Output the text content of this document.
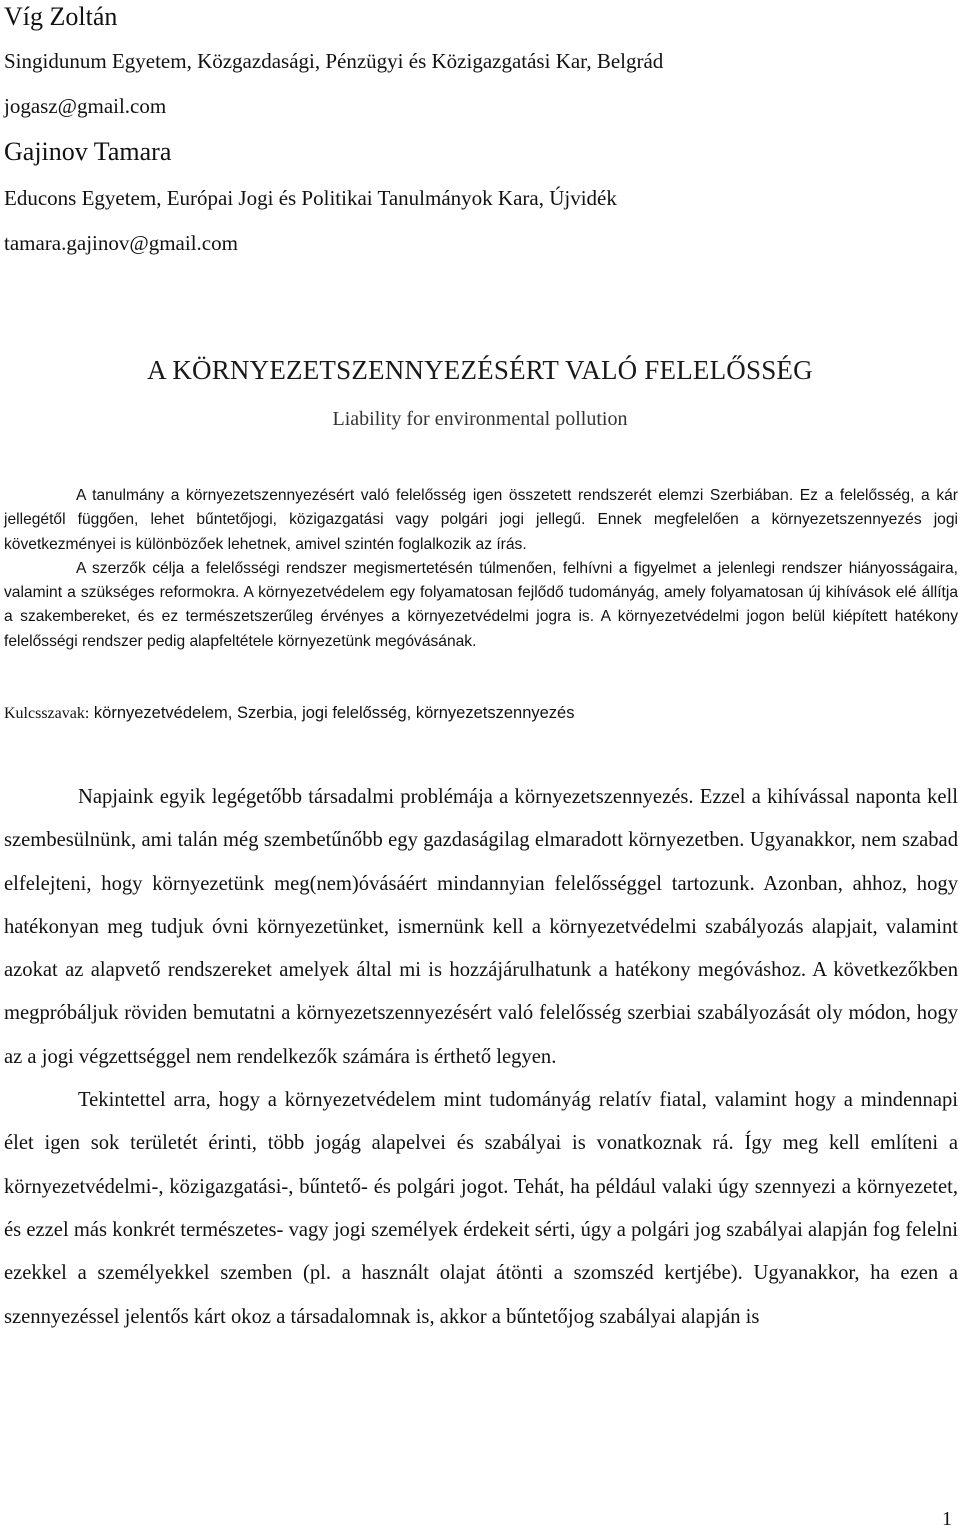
Víg Zoltán
Singidunum Egyetem, Közgazdasági, Pénzügyi és Közigazgatási Kar, Belgrád
jogasz@gmail.com
Gajinov Tamara
Educons Egyetem, Európai Jogi és Politikai Tanulmányok Kara, Újvidék
tamara.gajinov@gmail.com
A KÖRNYEZETSZENNYEZÉSÉRT VALÓ FELELŐSSÉG
Liability for environmental pollution

A tanulmány a környezetszennyezésért való felelősség igen összetett rendszerét elemzi Szerbiában. Ez a felelősség, a kár jellegétől függően, lehet bűntetőjogi, közigazgatási vagy polgári jogi jellegű. Ennek megfelelően a környezetszennyezés jogi következményei is különbözőek lehetnek, amivel szintén foglalkozik az írás.

A szerzők célja a felelősségi rendszer megismertetésén túlmenően, felhívni a figyelmet a jelenlegi rendszer hiányosságaira, valamint a szükséges reformokra. A környezetvédelem egy folyamatosan fejlődő tudományág, amely folyamatosan új kihívások elé állítja a szakembereket, és ez természetszerűleg érvényes a környezetvédelmi jogra is. A környezetvédelmi jogon belül kiépített hatékony felelősségi rendszer pedig alapfeltétele környezetünk megóvásának.

Kulcsszavak: környezetvédelem, Szerbia, jogi felelősség, környezetszennyezés

Napjaink egyik legégetőbb társadalmi problémája a környezetszennyezés. Ezzel a kihívással naponta kell szembesülnünk, ami talán még szembetűnőbb egy gazdaságilag elmaradott környezetben. Ugyanakkor, nem szabad elfelejteni, hogy környezetünk meg(nem)óvásáért mindannyian felelősséggel tartozunk. Azonban, ahhoz, hogy hatékonyan meg tudjuk óvni környezetünket, ismernünk kell a környezetvédelmi szabályozás alapjait, valamint azokat az alapvető rendszereket amelyek által mi is hozzájárulhatunk a hatékony megóváshoz. A következőkben megpróbáljuk röviden bemutatni a környezetszennyezésért való felelősség szerbiai szabályozását oly módon, hogy az a jogi végzettséggel nem rendelkezők számára is érthető legyen.

Tekintettel arra, hogy a környezetvédelem mint tudományág relatív fiatal, valamint hogy a mindennapi élet igen sok területét érinti, több jogág alapelvei és szabályai is vonatkoznak rá. Így meg kell említeni a környezetvédelmi-, közigazgatási-, bűntető- és polgári jogot. Tehát, ha például valaki úgy szennyezi a környezetet, és ezzel más konkrét természetes- vagy jogi személyek érdekeit sérti, úgy a polgári jog szabályai alapján fog felelni ezekkel a személyekkel szemben (pl. a használt olajat átönti a szomszéd kertjébe). Ugyanakkor, ha ezen a szennyezéssel jelentős kárt okoz a társadalomnak is, akkor a bűntetőjog szabályai alapján is

1
